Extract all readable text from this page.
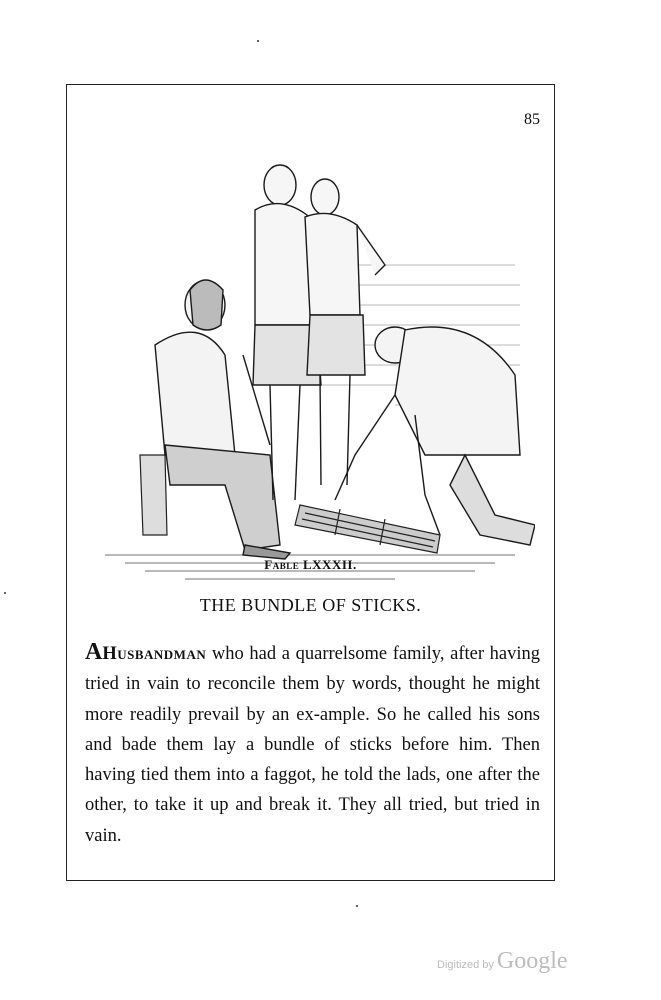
85
Fable LXXXII.
THE BUNDLE OF STICKS.

AHusbandman who had a quarrelsome family, after having tried in vain to reconcile them by words, thought he might more readily prevail by an ex-ample. So he called his sons and bade them lay a bundle of sticks before him. Then having tied them into a faggot, he told the lads, one after the other, to take it up and break it. They all tried, but tried in vain.

Digitized by Google
